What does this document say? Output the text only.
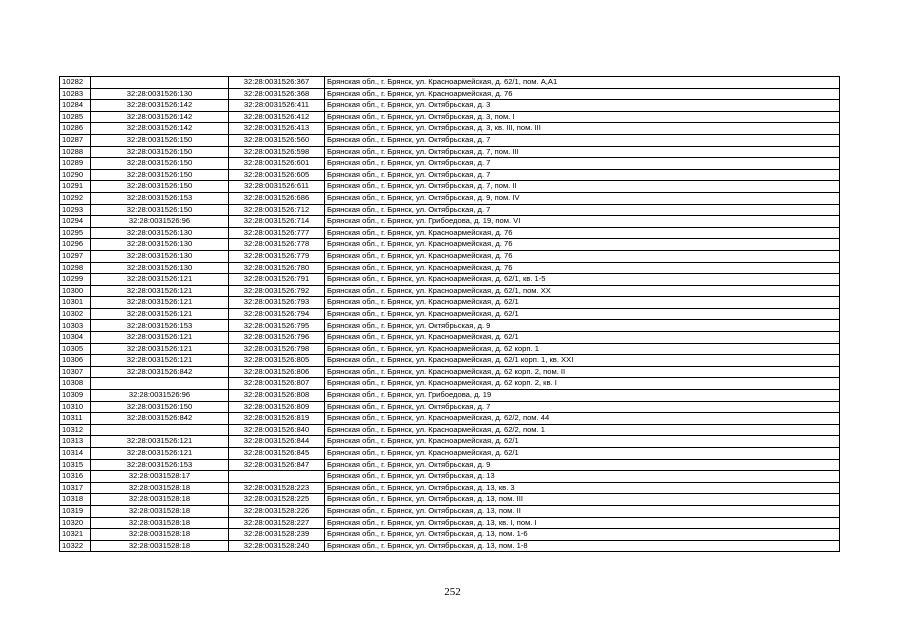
10282		32:28:0031526:367	Брянская обл., г. Брянск, ул. Красноармейская, д. 62/1, пом. А,А1
10283	32:28:0031526:130	32:28:0031526:368	Брянская обл., г. Брянск, ул. Красноармейская, д. 76
10284	32:28:0031526:142	32:28:0031526:411	Брянская обл., г. Брянск, ул. Октябрьская, д. 3
10285	32:28:0031526:142	32:28:0031526:412	Брянская обл., г. Брянск, ул. Октябрьская, д. 3, пом. I
10286	32:28:0031526:142	32:28:0031526:413	Брянская обл., г. Брянск, ул. Октябрьская, д. 3, кв. III, пом. III
10287	32:28:0031526:150	32:28:0031526:560	Брянская обл., г. Брянск, ул. Октябрьская, д. 7
10288	32:28:0031526:150	32:28:0031526:598	Брянская обл., г. Брянск, ул. Октябрьская, д. 7, пом. III
10289	32:28:0031526:150	32:28:0031526:601	Брянская обл., г. Брянск, ул. Октябрьская, д. 7
10290	32:28:0031526:150	32:28:0031526:605	Брянская обл., г. Брянск, ул. Октябрьская, д. 7
10291	32:28:0031526:150	32:28:0031526:611	Брянская обл., г. Брянск, ул. Октябрьская, д. 7, пом. II
10292	32:28:0031526:153	32:28:0031526:686	Брянская обл., г. Брянск, ул. Октябрьская, д. 9, пом. IV
10293	32:28:0031526:150	32:28:0031526:712	Брянская обл., г. Брянск, ул. Октябрьская, д. 7
10294	32:28:0031526:96	32:28:0031526:714	Брянская обл., г. Брянск, ул. Грибоедова, д. 19, пом. VI
10295	32:28:0031526:130	32:28:0031526:777	Брянская обл., г. Брянск, ул. Красноармейская, д. 76
10296	32:28:0031526:130	32:28:0031526:778	Брянская обл., г. Брянск, ул. Красноармейская, д. 76
10297	32:28:0031526:130	32:28:0031526:779	Брянская обл., г. Брянск, ул. Красноармейская, д. 76
10298	32:28:0031526:130	32:28:0031526:780	Брянская обл., г. Брянск, ул. Красноармейская, д. 76
10299	32:28:0031526:121	32:28:0031526:791	Брянская обл., г. Брянск, ул. Красноармейская, д. 62/1, кв. 1-5
10300	32:28:0031526:121	32:28:0031526:792	Брянская обл., г. Брянск, ул. Красноармейская, д. 62/1, пом. XX
10301	32:28:0031526:121	32:28:0031526:793	Брянская обл., г. Брянск, ул. Красноармейская, д. 62/1
10302	32:28:0031526:121	32:28:0031526:794	Брянская обл., г. Брянск, ул. Красноармейская, д. 62/1
10303	32:28:0031526:153	32:28:0031526:795	Брянская обл., г. Брянск, ул. Октябрьская, д. 9
10304	32:28:0031526:121	32:28:0031526:796	Брянская обл., г. Брянск, ул. Красноармейская, д. 62/1
10305	32:28:0031526:121	32:28:0031526:798	Брянская обл., г. Брянск, ул. Красноармейская, д. 62 корп. 1
10306	32:28:0031526:121	32:28:0031526:805	Брянская обл., г. Брянск, ул. Красноармейская, д. 62/1 корп. 1, кв. XXI
10307	32:28:0031526:842	32:28:0031526:806	Брянская обл., г. Брянск, ул. Красноармейская, д. 62 корп. 2, пом. II
10308		32:28:0031526:807	Брянская обл., г. Брянск, ул. Красноармейская, д. 62 корп. 2, кв. I
10309	32:28:0031526:96	32:28:0031526:808	Брянская обл., г. Брянск, ул. Грибоедова, д. 19
10310	32:28:0031526:150	32:28:0031526:809	Брянская обл., г. Брянск, ул. Октябрьская, д. 7
10311	32:28:0031526:842	32:28:0031526:819	Брянская обл., г. Брянск, ул. Красноармейская, д. 62/2, пом. 44
10312		32:28:0031526:840	Брянская обл., г. Брянск, ул. Красноармейская, д. 62/2, пом. 1
10313	32:28:0031526:121	32:28:0031526:844	Брянская обл., г. Брянск, ул. Красноармейская, д. 62/1
10314	32:28:0031526:121	32:28:0031526:845	Брянская обл., г. Брянск, ул. Красноармейская, д. 62/1
10315	32:28:0031526:153	32:28:0031526:847	Брянская обл., г. Брянск, ул. Октябрьская, д. 9
10316	32:28:0031528:17		Брянская обл., г. Брянск, ул. Октябрьская, д. 13
10317	32:28:0031528:18	32:28:0031528:223	Брянская обл., г. Брянск, ул. Октябрьская, д. 13, кв. 3
10318	32:28:0031528:18	32:28:0031528:225	Брянская обл., г. Брянск, ул. Октябрьская, д. 13, пом. III
10319	32:28:0031528:18	32:28:0031528:226	Брянская обл., г. Брянск, ул. Октябрьская, д. 13, пом. II
10320	32:28:0031528:18	32:28:0031528:227	Брянская обл., г. Брянск, ул. Октябрьская, д. 13, кв. I, пом. I
10321	32:28:0031528:18	32:28:0031528:239	Брянская обл., г. Брянск, ул. Октябрьская, д. 13, пом. 1-6
10322	32:28:0031528:18	32:28:0031528:240	Брянская обл., г. Брянск, ул. Октябрьская, д. 13, пом. 1-8
252
